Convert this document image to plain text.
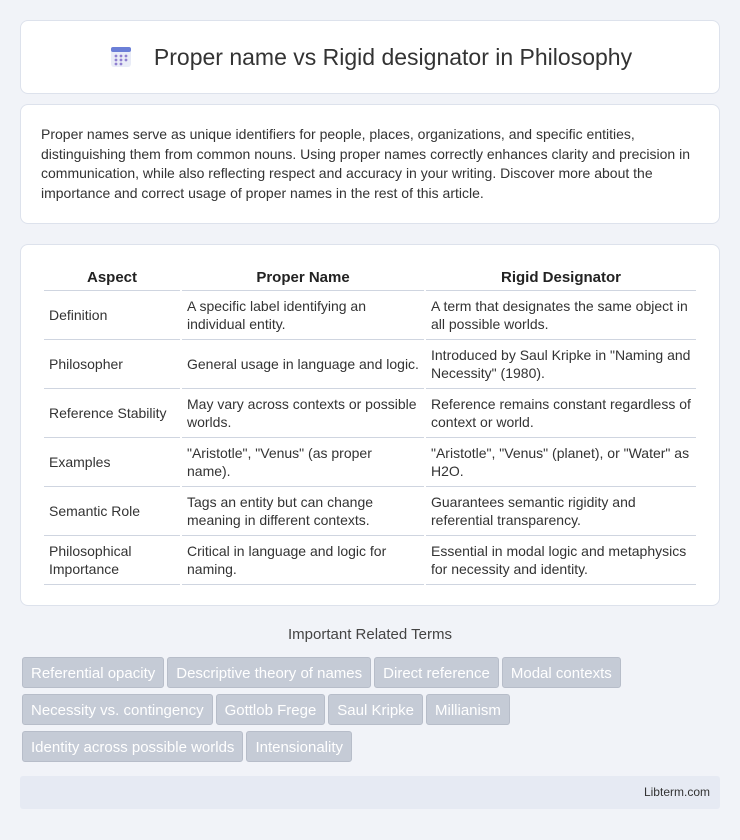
Proper name vs Rigid designator in Philosophy

Proper names serve as unique identifiers for people, places, organizations, and specific entities, distinguishing them from common nouns. Using proper names correctly enhances clarity and precision in communication, while also reflecting respect and accuracy in your writing. Discover more about the importance and correct usage of proper names in the rest of this article.

Aspect	Proper Name	Rigid Designator
Definition	A specific label identifying an individual entity.	A term that designates the same object in all possible worlds.
Philosopher	General usage in language and logic.	Introduced by Saul Kripke in "Naming and Necessity" (1980).
Reference Stability	May vary across contexts or possible worlds.	Reference remains constant regardless of context or world.
Examples	"Aristotle", "Venus" (as proper name).	"Aristotle", "Venus" (planet), or "Water" as H2O.
Semantic Role	Tags an entity but can change meaning in different contexts.	Guarantees semantic rigidity and referential transparency.
Philosophical Importance	Critical in language and logic for naming.	Essential in modal logic and metaphysics for necessity and identity.
Important Related Terms
Referential opacity Descriptive theory of names Direct reference Modal contexts
Necessity vs. contingency Gottlob Frege Saul Kripke Millianism
Identity across possible worlds Intensionality
Libterm.com
